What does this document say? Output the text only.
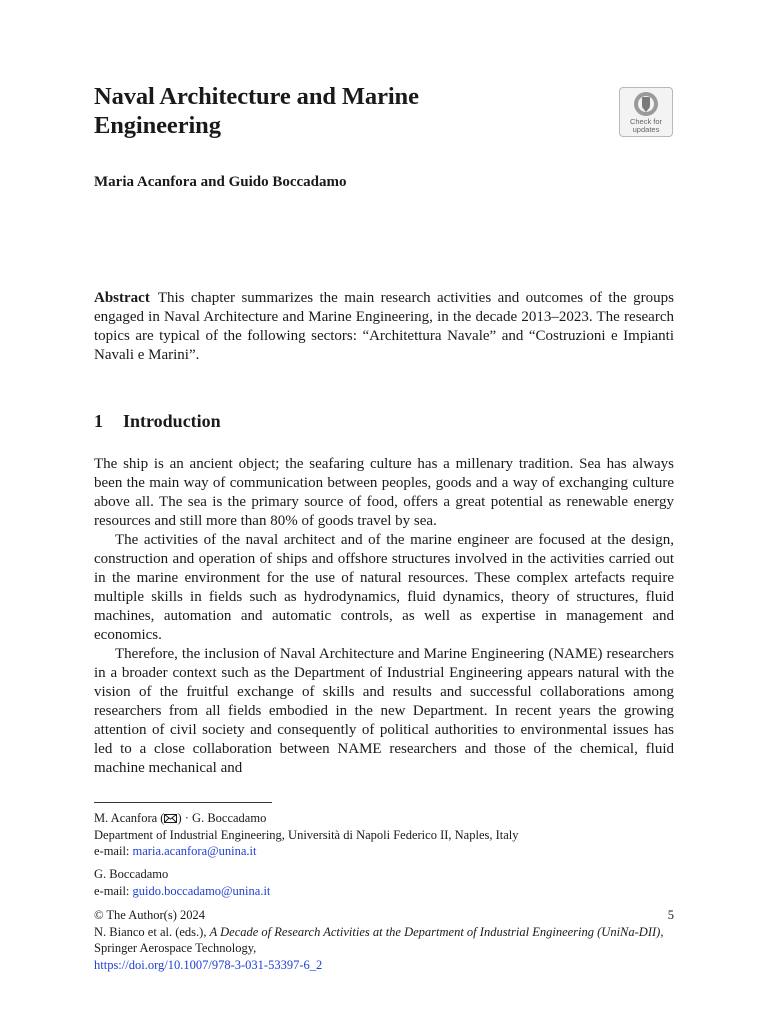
Naval Architecture and Marine Engineering	Check for
updates

Maria Acanfora and Guido Boccadamo

Abstract This chapter summarizes the main research activities and outcomes of the groups engaged in Naval Architecture and Marine Engineering, in the decade 2013–2023. The research topics are typical of the following sectors: “Architettura Navale” and “Costruzioni e Impianti Navali e Marini”.

1 Introduction

The ship is an ancient object; the seafaring culture has a millenary tradition. Sea has always been the main way of communication between peoples, goods and a way of exchanging culture above all. The sea is the primary source of food, offers a great potential as renewable energy resources and still more than 80% of goods travel by sea.

The activities of the naval architect and of the marine engineer are focused at the design, construction and operation of ships and offshore structures involved in the activities carried out in the marine environment for the use of natural resources. These complex artefacts require multiple skills in fields such as hydrodynamics, fluid dynamics, theory of structures, fluid machines, automation and automatic controls, as well as expertise in management and economics.

Therefore, the inclusion of Naval Architecture and Marine Engineering (NAME) researchers in a broader context such as the Department of Industrial Engineering appears natural with the vision of the fruitful exchange of skills and results and successful collaborations among researchers from all fields embodied in the new Department. In recent years the growing attention of civil society and consequently of political authorities to environmental issues has led to a close collaboration between NAME researchers and those of the chemical, fluid machine mechanical and

M. Acanfora ( ) · G. Boccadamo
Department of Industrial Engineering, Università di Napoli Federico II, Naples, Italy
e-mail: maria.acanfora@unina.it

G. Boccadamo
e-mail: guido.boccadamo@unina.it

5
© The Author(s) 2024
N. Bianco et al. (eds.), A Decade of Research Activities at the Department of Industrial Engineering (UniNa-DII), Springer Aerospace Technology,
https://doi.org/10.1007/978-3-031-53397-6_2
